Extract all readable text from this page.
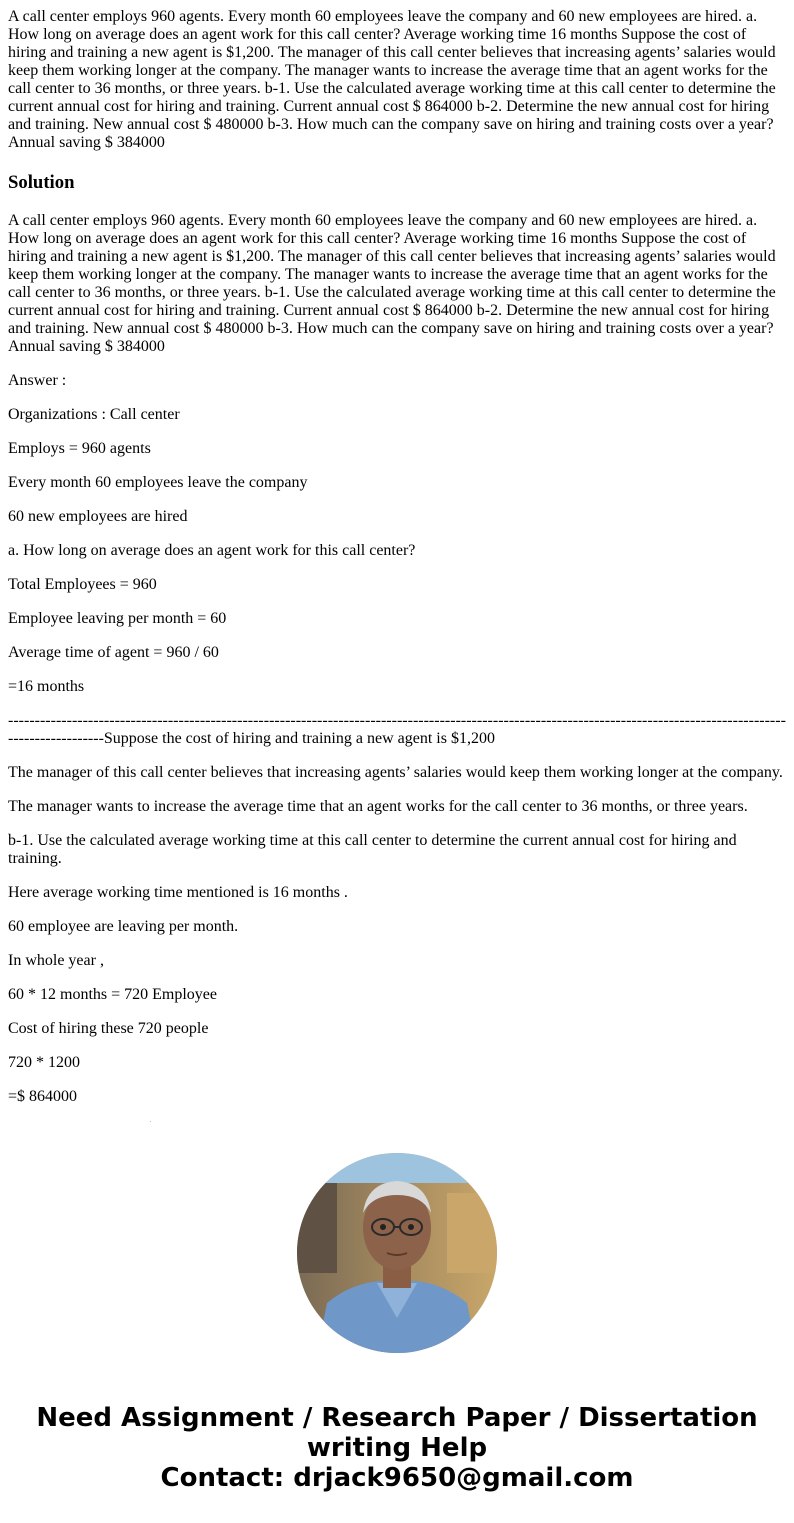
A call center employs 960 agents. Every month 60 employees leave the company and 60 new employees are hired. a. How long on average does an agent work for this call center? Average working time 16 months Suppose the cost of hiring and training a new agent is $1,200. The manager of this call center believes that increasing agents’ salaries would keep them working longer at the company. The manager wants to increase the average time that an agent works for the call center to 36 months, or three years. b-1. Use the calculated average working time at this call center to determine the current annual cost for hiring and training. Current annual cost $ 864000 b-2. Determine the new annual cost for hiring and training. New annual cost $ 480000 b-3. How much can the company save on hiring and training costs over a year? Annual saving $ 384000

Solution

A call center employs 960 agents. Every month 60 employees leave the company and 60 new employees are hired. a. How long on average does an agent work for this call center? Average working time 16 months Suppose the cost of hiring and training a new agent is $1,200. The manager of this call center believes that increasing agents’ salaries would keep them working longer at the company. The manager wants to increase the average time that an agent works for the call center to 36 months, or three years. b-1. Use the calculated average working time at this call center to determine the current annual cost for hiring and training. Current annual cost $ 864000 b-2. Determine the new annual cost for hiring and training. New annual cost $ 480000 b-3. How much can the company save on hiring and training costs over a year? Annual saving $ 384000

Answer :

Organizations : Call center

Employs = 960 agents

Every month 60 employees leave the company

60 new employees are hired

a. How long on average does an agent work for this call center?

Total Employees = 960

Employee leaving per month = 60

Average time of agent = 960 / 60

=16 months

--------------------------------------------------------------------------------------------------------------------------------------------------------------------Suppose the cost of hiring and training a new agent is $1,200

The manager of this call center believes that increasing agents’ salaries would keep them working longer at the company.

The manager wants to increase the average time that an agent works for the call center to 36 months, or three years.

b-1. Use the calculated average working time at this call center to determine the current annual cost for hiring and training.

Here average working time mentioned is 16 months .

60 employee are leaving per month.

In whole year ,

60 * 12 months = 720 Employee

Cost of hiring these 720 people

720 * 1200

=$ 864000

Need Assignment / Research Paper / Dissertation
writing Help
Contact: drjack9650@gmail.com
